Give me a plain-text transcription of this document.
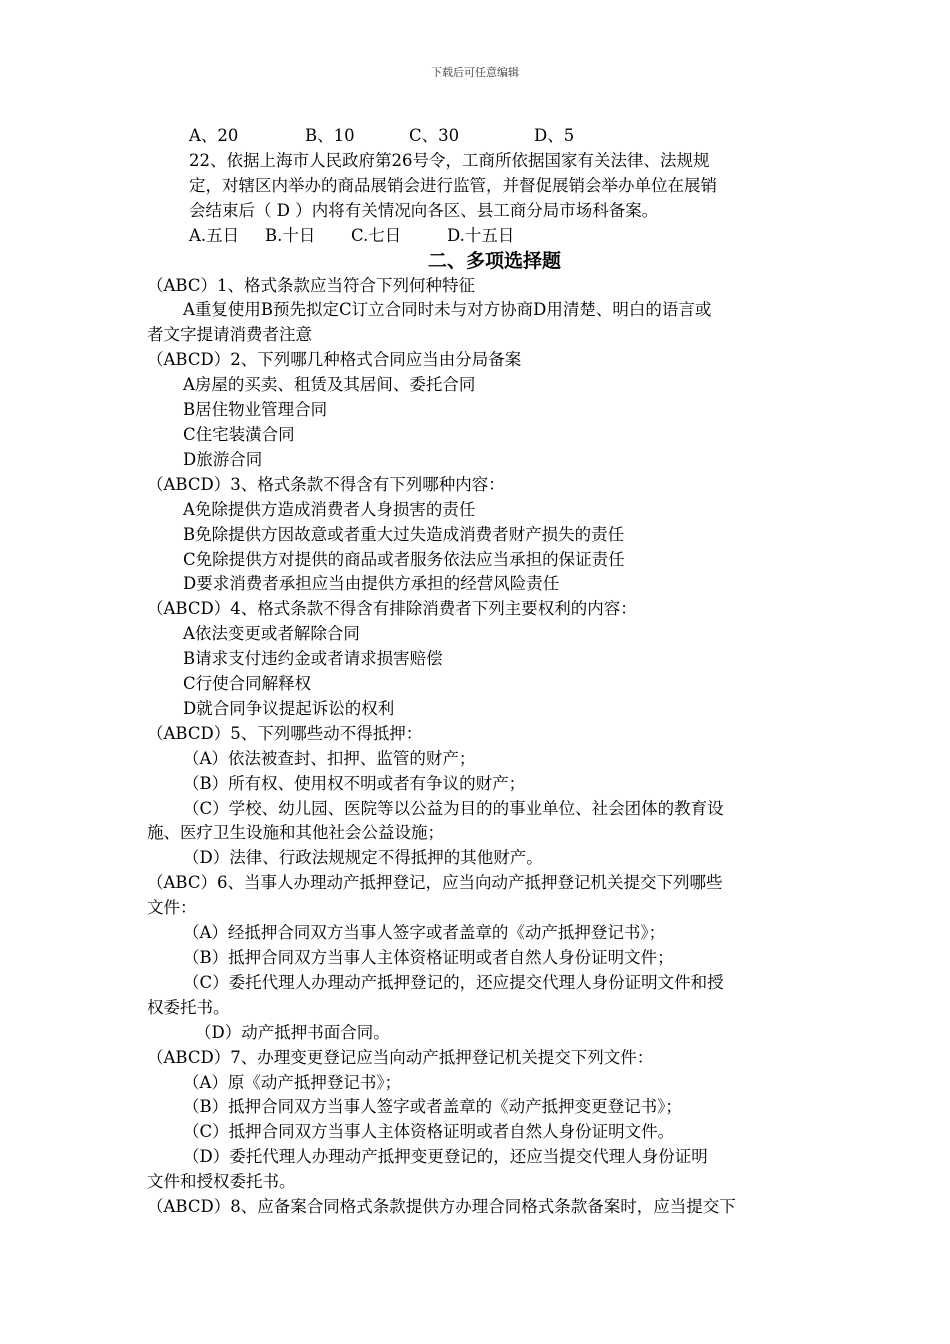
下载后可任意编辑
A、20	B、10	C、30	D、5
22、依据上海市人民政府第26号令，工商所依据国家有关法律、法规规
定，对辖区内举办的商品展销会进行监管，并督促展销会举办单位在展销
会结束后（ D ）内将有关情况向各区、县工商分局市场科备案。
A.五日 B.十日 C.七日	D.十五日
二、多项选择题
（ABC）1、格式条款应当符合下列何种特征
A重复使用B预先拟定C订立合同时未与对方协商D用清楚、明白的语言或
者文字提请消费者注意
（ABCD）2、下列哪几种格式合同应当由分局备案
A房屋的买卖、租赁及其居间、委托合同
B居住物业管理合同
C住宅装潢合同
D旅游合同
（ABCD）3、格式条款不得含有下列哪种内容：
A免除提供方造成消费者人身损害的责任
B免除提供方因故意或者重大过失造成消费者财产损失的责任
C免除提供方对提供的商品或者服务依法应当承担的保证责任
D要求消费者承担应当由提供方承担的经营风险责任
（ABCD）4、格式条款不得含有排除消费者下列主要权利的内容：
A依法变更或者解除合同
B请求支付违约金或者请求损害赔偿
C行使合同解释权
D就合同争议提起诉讼的权利
（ABCD）5、下列哪些动不得抵押：
（A）依法被查封、扣押、监管的财产；
（B）所有权、使用权不明或者有争议的财产；
（C）学校、幼儿园、医院等以公益为目的的事业单位、社会团体的教育设
施、医疗卫生设施和其他社会公益设施；
（D）法律、行政法规规定不得抵押的其他财产。
（ABC）6、当事人办理动产抵押登记，应当向动产抵押登记机关提交下列哪些
文件：
（A）经抵押合同双方当事人签字或者盖章的《动产抵押登记书》；
（B）抵押合同双方当事人主体资格证明或者自然人身份证明文件；
（C）委托代理人办理动产抵押登记的，还应提交代理人身份证明文件和授
权委托书。
（D）动产抵押书面合同。
（ABCD）7、办理变更登记应当向动产抵押登记机关提交下列文件：
（A）原《动产抵押登记书》；
（B）抵押合同双方当事人签字或者盖章的《动产抵押变更登记书》；
（C）抵押合同双方当事人主体资格证明或者自然人身份证明文件。
（D）委托代理人办理动产抵押变更登记的，还应当提交代理人身份证明
文件和授权委托书。
（ABCD）8、应备案合同格式条款提供方办理合同格式条款备案时，应当提交下
